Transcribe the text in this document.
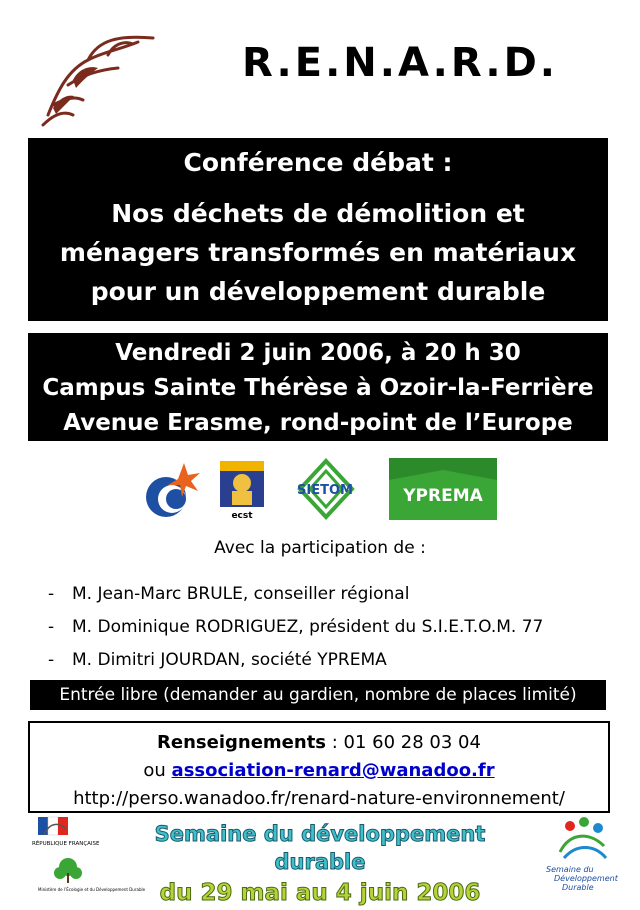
R.E.N.A.R.D.
Conférence débat :
Nos déchets de démolition et
ménagers transformés en matériaux
pour un développement durable
Vendredi 2 juin 2006, à 20 h 30
Campus Sainte Thérèse à Ozoir-la-Ferrière
Avenue Erasme, rond-point de l’Europe
ecst
SIETOM	YPREMA
Avec la participation de :
- M. Jean-Marc BRULE, conseiller régional
- M. Dominique RODRIGUEZ, président du S.I.E.T.O.M. 77
- M. Dimitri JOURDAN, société YPREMA
Entrée libre (demander au gardien, nombre de places limité)
Renseignements : 01 60 28 03 04
ou association-renard@wanadoo.fr
http://perso.wanadoo.fr/renard-nature-environnement/
RÉPUBLIQUE FRANÇAISE
Ministère de l’Écologie et du Développement Durable
Semaine du développement durable
du 29 mai au 4 juin 2006
Semaine du Développement Durable
